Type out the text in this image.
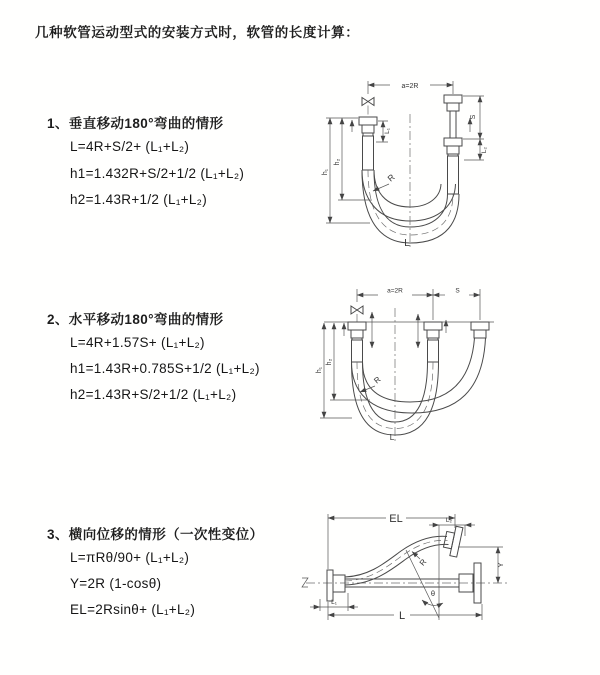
几种软管运动型式的安装方式时，软管的长度计算：
1、垂直移动180°弯曲的情形
L=4R+S/2+ (L₁+L₂)
h1=1.432R+S/2+1/2 (L₁+L₂)
h2=1.43R+1/2 (L₁+L₂)
2、水平移动180°弯曲的情形
L=4R+1.57S+ (L₁+L₂)
h1=1.43R+0.785S+1/2 (L₁+L₂)
h2=1.43R+S/2+1/2 (L₁+L₂)
3、横向位移的情形（一次性变位）
L=πRθ/90+ (L₁+L₂)
Y=2R (1-cosθ)
EL=2Rsinθ+ (L₁+L₂)
a=2R
h₁
h₂
L₁
S
L₂
R
L
a=2R	S
h₁
h₂
R
L
EL	L₂
θ
R	Y
L
L₁
